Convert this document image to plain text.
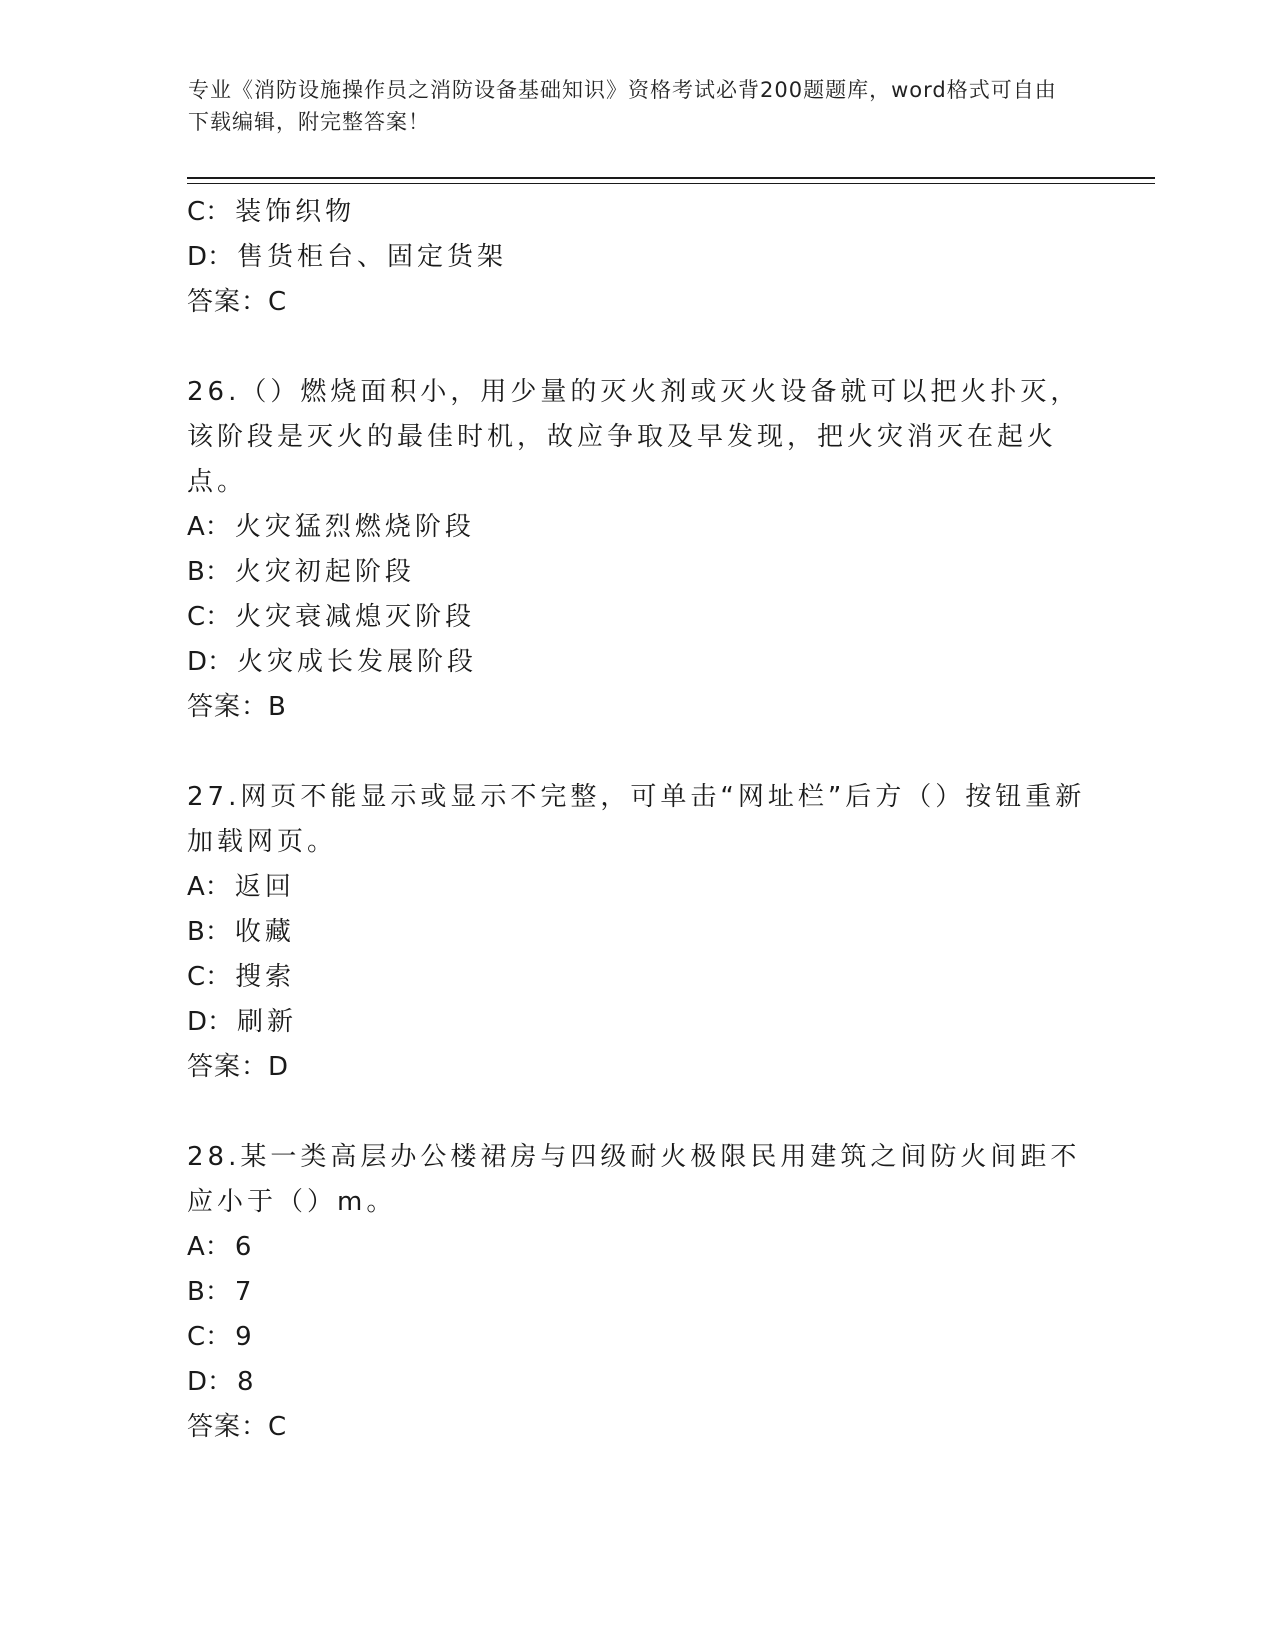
专业《消防设施操作员之消防设备基础知识》资格考试必背200题题库，word格式可自由下载编辑，附完整答案！
C：装饰织物
D：售货柜台、固定货架
答案：C
26.（）燃烧面积小，用少量的灭火剂或灭火设备就可以把火扑灭，该阶段是灭火的最佳时机，故应争取及早发现，把火灾消灭在起火点。
A：火灾猛烈燃烧阶段
B：火灾初起阶段
C：火灾衰减熄灭阶段
D：火灾成长发展阶段
答案：B
27.网页不能显示或显示不完整，可单击“网址栏”后方（）按钮重新加载网页。
A：返回
B：收藏
C：搜索
D：刷新
答案：D
28.某一类高层办公楼裙房与四级耐火极限民用建筑之间防火间距不应小于（）m。
A：6
B：7
C：9
D：8
答案：C
